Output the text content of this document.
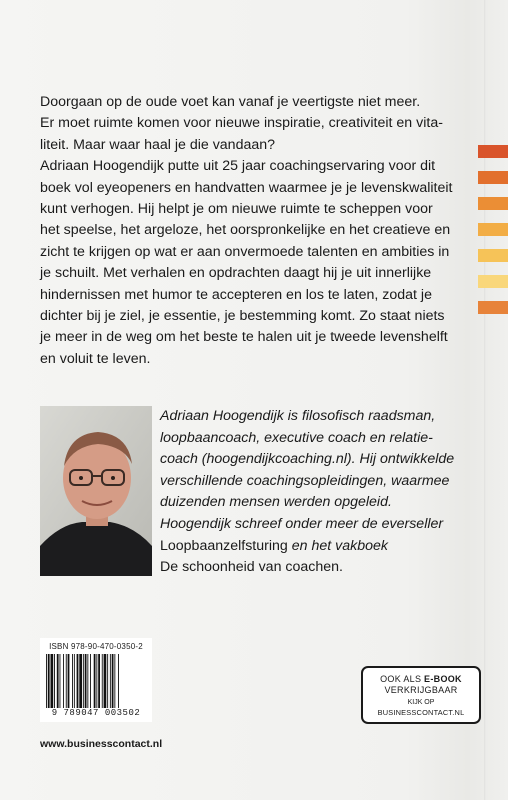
Doorgaan op de oude voet kan vanaf je veertigste niet meer.

Er moet ruimte komen voor nieuwe inspiratie, creativiteit en vita-

liteit. Maar waar haal je die vandaan?

Adriaan Hoogendijk putte uit 25 jaar coachingservaring voor dit

boek vol eyeopeners en handvatten waarmee je je levenskwaliteit

kunt verhogen. Hij helpt je om nieuwe ruimte te scheppen voor

het speelse, het argeloze, het oorspronkelijke en het creatieve en

zicht te krijgen op wat er aan onvermoede talenten en ambities in

je schuilt. Met verhalen en opdrachten daagt hij je uit innerlijke

hindernissen met humor te accepteren en los te laten, zodat je

dichter bij je ziel, je essentie, je bestemming komt. Zo staat niets

je meer in de weg om het beste te halen uit je tweede levenshelft

en voluit te leven.

Adriaan Hoogendijk is filosofisch raadsman,

loopbaancoach, executive coach en relatie-

coach (hoogendijkcoaching.nl). Hij ontwikkelde

verschillende coachingsopleidingen, waarmee

duizenden mensen werden opgeleid.

Hoogendijk schreef onder meer de everseller

Loopbaanzelfsturing en het vakboek

De schoonheid van coachen.

ISBN 978-90-470-0350-2
9 789047 003502
www.businesscontact.nl
OOK ALS E-BOOK
VERKRIJGBAAR
KIJK OP
BUSINESSCONTACT.NL
